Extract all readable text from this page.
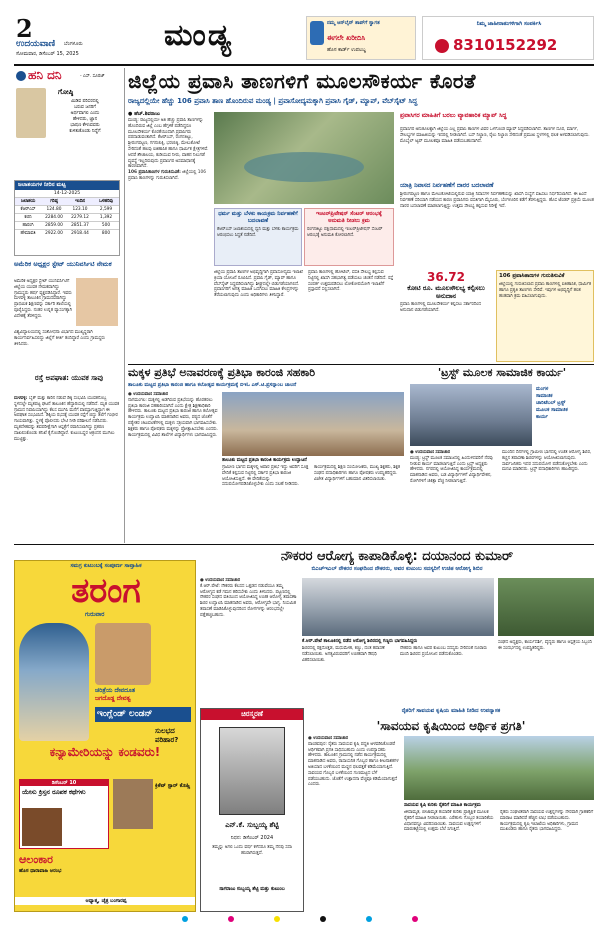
2
ಉದಯವಾಣಿ ಬೆಂಗಳೂರು
ಸೋಮವಾರ, ಡಿಸೆಂಬರ್ 15, 2025
ಮಂಡ್ಯ	ನಮ್ಮ ಆನ್‌ಲೈನ್ ಶಾಪ್‌ಗೆ ಸ್ವಾಗತ
ಈಗಲೇ ಖರೀದಿಸಿ
ಹೊಸ ಕಾರ್ಡ್ ಉಪಲಬ್ಧ
ನಿಮ್ಮ ಜಾಹೀರಾತುಗಳಿಗಾಗಿ ಸಂಪರ್ಕಿಸಿ
8310152292
ಹನಿ ದನಿ	- ಎಸ್. ಸೂರಜ್
ಗೋಷ್ಠಿ
ಮಿಡಿವ ಪರಿಸರದಲ್ಲಿ
ಬರುವ ಜನರಿಗೆ
ಅರ್ಥವಾಗಲಿ ಎಂದು
ಹೇಳಿದರು, ಜ್ಞಾನ
ಭಾಷಣ ಕೇಳುವವರು
ಕುಳಿತುಕೊಂಡು ನಿದ್ದೆಗೆ
ಜಲಾಶಯಗಳ ನೀರಿನ ಮಟ್ಟ
14-12-2025
ಜಲಾಶಯ	ಗರಿಷ್ಠ	ಇಂದಿನ	ಒಳಹರಿವು
ಕೆಆರ್‌ಎಸ್	124.80	123.10	2,599
ಕಬಿನಿ	2284.00	2279.12	1,392
ಹಾರಂಗಿ	2859.00	2851.37	500
ಹೇಮಾವತಿ	2922.00	2918.44	800
ಅಮೆರಿಕ ಅಧ್ಯಕ್ಷರ ಸ್ಟೇಟ್ ಯುನಿವರ್ಸಿಟಿ ನೇಮಕ
ಅಮೆರಿಕ ಅಧ್ಯಕ್ಷರ ಸ್ಟೇಟ್ ಯುನಿವರ್ಸಿಟಿಗೆ ಜಿಲ್ಲೆಯ ಯುವಕ ನೇಮಕವಾಗಿದ್ದು ಗ್ರಾಮಸ್ಥರು ಹರ್ಷ ವ್ಯಕ್ತಪಡಿಸಿದ್ದಾರೆ. ಇವರು ಮಳವಳ್ಳಿ ತಾಲೂಕಿನ ಗ್ರಾಮದವರಾಗಿದ್ದು ಪ್ರಾಥಮಿಕ ಶಿಕ್ಷಣವನ್ನು ಸರ್ಕಾರಿ ಶಾಲೆಯಲ್ಲಿ ಪೂರೈಸಿದ್ದರು. ನಂತರ ಉನ್ನತ ವ್ಯಾಸಂಗಕ್ಕಾಗಿ ವಿದೇಶಕ್ಕೆ ತೆರಳಿದ್ದರು.
ವಿಶ್ವವಿದ್ಯಾಲಯದಲ್ಲಿ ಸಂಶೋಧನಾ ವಿಭಾಗದ ಮುಖ್ಯಸ್ಥರಾಗಿ ಕಾರ್ಯನಿರ್ವಹಿಸಲಿದ್ದು ಜಿಲ್ಲೆಗೆ ಕೀರ್ತಿ ತಂದಿದ್ದಾರೆ ಎಂದು ಗ್ರಾಮಸ್ಥರು ತಿಳಿಸಿದರು.
ರಸ್ತೆ ಅಪಘಾತ: ಯುವಕ ಸಾವು
ಮಳವಳ್ಳಿ: ಬೈಕ್ ಮತ್ತು ಕಾರಿನ ನಡುವೆ ಡಿಕ್ಕಿ ಸಂಭವಿಸಿ ಯುವಕನೊಬ್ಬ ಸ್ಥಳದಲ್ಲೇ ಮೃತಪಟ್ಟ ಘಟನೆ ತಾಲೂಕಿನ ಹೆದ್ದಾರಿಯಲ್ಲಿ ನಡೆದಿದೆ. ಮೃತ ಯುವಕ ಗ್ರಾಮದ ನಿವಾಸಿಯಾಗಿದ್ದು ಕೆಲಸ ಮುಗಿಸಿ ಮನೆಗೆ ವಾಪಸ್ಸಾಗುತ್ತಿದ್ದಾಗ ಈ ಅಪಘಾತ ಸಂಭವಿಸಿದೆ. ಡಿಕ್ಕಿಯ ರಭಸಕ್ಕೆ ಯುವಕ ರಸ್ತೆಗೆ ಬಿದ್ದು ತಲೆಗೆ ಗಂಭೀರ ಗಾಯವಾಗಿತ್ತು. ಸ್ಥಳಕ್ಕೆ ಪೊಲೀಸರು ಭೇಟಿ ನೀಡಿ ಪರಿಶೀಲನೆ ನಡೆಸಿದರು. ಮೃತದೇಹವನ್ನು ಶವಪರೀಕ್ಷೆಗಾಗಿ ಆಸ್ಪತ್ರೆಗೆ ರವಾನಿಸಲಾಗಿದ್ದು ಪ್ರಕರಣ ದಾಖಲಿಸಿಕೊಂಡು ತನಿಖೆ ಕೈಗೊಂಡಿದ್ದಾರೆ. ಕುಟುಂಬಸ್ಥರ ಆಕ್ರಂದನ ಮುಗಿಲು ಮುಟ್ಟಿತ್ತು.
ಜಿಲ್ಲೆಯ ಪ್ರವಾಸಿ ತಾಣಗಳಿಗೆ ಮೂಲಸೌಕರ್ಯ ಕೊರತೆ
ರಾಜ್ಯದಲ್ಲಿಯೇ ಹೆಚ್ಚು 106 ಪ್ರವಾಸಿ ತಾಣ ಹೊಂದಿರುವ ಮಂಡ್ಯ | ಪ್ರವಾಸೋದ್ಯಮಕ್ಕಾಗಿ ಪ್ರವಾಸಿ ಗೈಡ್, ಮ್ಯಾಪ್, ವೆಬ್‌ಸೈಟ್ ಸಿದ್ಧ
● ಹೆಚ್.ಶಿವರಾಜು
ಮಂಡ್ಯ: ರಾಜ್ಯದಲ್ಲಿಯೇ ಅತಿ ಹೆಚ್ಚು ಪ್ರವಾಸಿ ತಾಣಗಳನ್ನು ಹೊಂದಿರುವ ಜಿಲ್ಲೆ ಎಂಬ ಹೆಗ್ಗಳಿಕೆ ಪಡೆದಿದ್ದರೂ ಮೂಲಸೌಕರ್ಯ ಕೊರತೆಯಿಂದಾಗಿ ಪ್ರವಾಸಿಗರು ಪರದಾಡುವಂತಾಗಿದೆ. ಕೆಆರ್‌ಎಸ್, ರಂಗನತಿಟ್ಟು, ಶ್ರೀರಂಗಪಟ್ಟಣ, ಗಗನಚುಕ್ಕಿ, ಭರಚುಕ್ಕಿ, ಮೇಲುಕೋಟೆ ಸೇರಿದಂತೆ ಹಲವು ಐತಿಹಾಸಿಕ ಹಾಗೂ ಧಾರ್ಮಿಕ ಕ್ಷೇತ್ರಗಳಿವೆ. ಆದರೆ ಶೌಚಾಲಯ, ಕುಡಿಯುವ ನೀರು, ವಾಹನ ನಿಲುಗಡೆ ವ್ಯವಸ್ಥೆ ಇಲ್ಲದಿರುವುದು ಪ್ರವಾಸಿಗರ ಅಸಮಾಧಾನಕ್ಕೆ ಕಾರಣವಾಗಿದೆ.
106 ಪ್ರವಾಸಿತಾಣಗಳ ಗುರುತಿಸುವಿಕೆ: ಜಿಲ್ಲೆಯಲ್ಲಿ 106 ಪ್ರವಾಸಿ ತಾಣಗಳನ್ನು ಗುರುತಿಸಲಾಗಿದೆ.
ಧರ್ಮ ಮತ್ತು ಬೆಳಕು ಕಾಯಕ್ರಮ ನಿರ್ವಹಣೆಗೆ ಬದಲಾವಣೆ
ಕೆಆರ್‌ಎಸ್ ಜಲಾಶಯದಲ್ಲಿ ಧ್ವನಿ ಮತ್ತು ಬೆಳಕು ಕಾರ್ಯಕ್ರಮ ಆರಂಭಿಸಲು ಸಿದ್ಧತೆ ನಡೆದಿದೆ.
ಇಂಟರ್‌ಪ್ರಿಟೇಷನ್ ಸೆಂಟರ್ ಆರಂಭಕ್ಕೆ ಅನುಮತಿ ನೀಡಲು ಕ್ರಮ
ರಂಗನತಿಟ್ಟು ಪಕ್ಷಿಧಾಮದಲ್ಲಿ ಇಂಟರ್‌ಪ್ರಿಟೇಷನ್ ಸೆಂಟರ್ ಆರಂಭಕ್ಕೆ ಅನುಮತಿ ಕೋರಲಾಗಿದೆ.
ಜಿಲ್ಲೆಯ ಪ್ರವಾಸಿ ತಾಣಗಳ ಅಭಿವೃದ್ಧಿಗಾಗಿ ಪ್ರವಾಸೋದ್ಯಮ ಇಲಾಖೆ ಕ್ರಿಯಾ ಯೋಜನೆ ರೂಪಿಸಿದೆ. ಪ್ರವಾಸಿ ಗೈಡ್, ಮ್ಯಾಪ್ ಹಾಗೂ ವೆಬ್‌ಸೈಟ್ ಸಿದ್ಧಪಡಿಸಲಾಗಿದ್ದು ಶೀಘ್ರದಲ್ಲೇ ಬಿಡುಗಡೆಯಾಗಲಿದೆ. ಪ್ರವಾಸಿಗರಿಗೆ ಅಗತ್ಯ ಮಾಹಿತಿ ಒದಗಿಸಲು ಮಾಹಿತಿ ಕೇಂದ್ರಗಳನ್ನು ತೆರೆಯಲಾಗುವುದು ಎಂದು ಅಧಿಕಾರಿಗಳು ತಿಳಿಸಿದ್ದಾರೆ.
ಪ್ರವಾಸಿ ತಾಣಗಳಲ್ಲಿ ಹೋಟೆಲ್, ವಸತಿ ಸೌಲಭ್ಯ ಕಲ್ಪಿಸುವ ನಿಟ್ಟಿನಲ್ಲಿ ಖಾಸಗಿ ಸಹಭಾಗಿತ್ವ ಪಡೆಯಲು ಚಿಂತನೆ ನಡೆದಿದೆ. ರಸ್ತೆ ಸಂಪರ್ಕ ಉತ್ತಮಪಡಿಸಲು ಲೋಕೋಪಯೋಗಿ ಇಲಾಖೆಗೆ ಪ್ರಸ್ತಾವನೆ ಸಲ್ಲಿಸಲಾಗಿದೆ.
ಪ್ರವಾಸಿಗರ ಮಾಹಿತಿಗೆ ಬರಲು ವ್ಯಾವಹಾರಿಕ ಮ್ಯಾಪ್ ಸಿದ್ಧ
ಪ್ರವಾಸಿಗರ ಅನುಕೂಲಕ್ಕಾಗಿ ಜಿಲ್ಲೆಯ ಎಲ್ಲ ಪ್ರವಾಸಿ ತಾಣಗಳ ವಿವರ ಒಳಗೊಂಡ ಮ್ಯಾಪ್ ಸಿದ್ಧಪಡಿಸಲಾಗಿದೆ. ತಾಣಗಳ ದೂರ, ಮಾರ್ಗ, ಸೌಲಭ್ಯಗಳ ಮಾಹಿತಿಯನ್ನು ಇದರಲ್ಲಿ ನೀಡಲಾಗಿದೆ. ಬಸ್ ನಿಲ್ದಾಣ, ರೈಲು ನಿಲ್ದಾಣ ಸೇರಿದಂತೆ ಪ್ರಮುಖ ಸ್ಥಳಗಳಲ್ಲಿ ಫಲಕ ಅಳವಡಿಸಲಾಗುವುದು. ಮೊಬೈಲ್ ಆ್ಯಪ್ ಮೂಲಕವೂ ಮಾಹಿತಿ ಪಡೆಯಬಹುದಾಗಿದೆ.
ಯಾತ್ರಿ ನಿವಾಸದ ನಿರ್ವಹಣೆಗೆ ದಾರರ ಬದಲಾವಣೆ
ಶ್ರೀರಂಗಪಟ್ಟಣ ಹಾಗೂ ಮೇಲುಕೋಟೆಯಲ್ಲಿರುವ ಯಾತ್ರಿ ನಿವಾಸಗಳ ನಿರ್ವಹಣೆಯನ್ನು ಖಾಸಗಿ ಸಂಸ್ಥೆಗೆ ವಹಿಸಲು ನಿರ್ಧರಿಸಲಾಗಿದೆ. ಈ ಹಿಂದೆ ನಿರ್ವಹಣೆ ಸರಿಯಾಗಿ ನಡೆಯದ ಕಾರಣ ಪ್ರವಾಸಿಗರು ವಸತಿಗಾಗಿ ಮೈಸೂರು, ಬೆಂಗಳೂರಿನ ಕಡೆಗೆ ತೆರಳುತ್ತಿದ್ದರು. ಹೊಸ ಟೆಂಡರ್ ಪ್ರಕ್ರಿಯೆ ಮೂಲಕ ದಾರರ ಬದಲಾವಣೆ ಮಾಡಲಾಗುತ್ತಿದ್ದು ಉತ್ತಮ ಸೌಲಭ್ಯ ಕಲ್ಪಿಸುವ ನಿರೀಕ್ಷೆ ಇದೆ.
36.72
ಕೋಟಿ ರೂ. ಮೂಲಸೌಲಭ್ಯ ಕಲ್ಪಿಸಲು ಅನುದಾನ
ಪ್ರವಾಸಿ ತಾಣಗಳಲ್ಲಿ ಮೂಲಸೌಕರ್ಯ ಕಲ್ಪಿಸಲು ಸರ್ಕಾರದಿಂದ ಅನುದಾನ ಬಿಡುಗಡೆಯಾಗಿದೆ.
106 ಪ್ರವಾಸಿತಾಣಗಳ ಗುರುತಿಸುವಿಕೆ
ಜಿಲ್ಲೆಯಲ್ಲಿ ಗುರುತಿಸಲಾದ ಪ್ರವಾಸಿ ತಾಣಗಳಲ್ಲಿ ಐತಿಹಾಸಿಕ, ಧಾರ್ಮಿಕ ಹಾಗೂ ಪ್ರಕೃತಿ ತಾಣಗಳು ಸೇರಿವೆ. ಇವುಗಳ ಅಭಿವೃದ್ಧಿಗೆ ಹಂತ ಹಂತವಾಗಿ ಕ್ರಮ ವಹಿಸಲಾಗುವುದು.
ಮಕ್ಕಳ ಪ್ರತಿಭೆ ಅನಾವರಣಕ್ಕೆ ಪ್ರತಿಭಾ ಕಾರಂಜಿ ಸಹಕಾರಿ
ತಾಲೂಕು ಮಟ್ಟದ ಪ್ರತಿಭಾ ಕಾರಂಜಿ ಹಾಗೂ ಕಲೋತ್ಸವ ಕಾರ್ಯಕ್ರಮಕ್ಕೆ ಬಿಇಓ ಎಸ್.ಟಿ.ಪ್ರಸನ್ನಾಂಬ ಚಾಲನೆ
● ಉದಯವಾಣಿ ಸಮಾಚಾರ
ನಾಗಮಂಗಲ: ಮಕ್ಕಳಲ್ಲಿ ಅಡಗಿರುವ ಪ್ರತಿಭೆಯನ್ನು ಹೊರತರಲು ಪ್ರತಿಭಾ ಕಾರಂಜಿ ಸಹಕಾರಿಯಾಗಿದೆ ಎಂದು ಕ್ಷೇತ್ರ ಶಿಕ್ಷಣಾಧಿಕಾರಿ ಹೇಳಿದರು. ತಾಲೂಕು ಮಟ್ಟದ ಪ್ರತಿಭಾ ಕಾರಂಜಿ ಹಾಗೂ ಕಲೋತ್ಸವ ಕಾರ್ಯಕ್ರಮ ಉದ್ಘಾಟಿಸಿ ಮಾತನಾಡಿದ ಅವರು, ಪಠ್ಯದ ಜೊತೆಗೆ ಪಠ್ಯೇತರ ಚಟುವಟಿಕೆಗಳಲ್ಲಿ ಮಕ್ಕಳು ಸಕ್ರಿಯವಾಗಿ ಭಾಗವಹಿಸಬೇಕು. ಶಿಕ್ಷಕರು ಹಾಗೂ ಪೋಷಕರು ಮಕ್ಕಳನ್ನು ಪ್ರೋತ್ಸಾಹಿಸಬೇಕು ಎಂದರು. ಕಾರ್ಯಕ್ರಮದಲ್ಲಿ ವಿವಿಧ ಶಾಲೆಗಳ ವಿದ್ಯಾರ್ಥಿಗಳು ಭಾಗವಹಿಸಿದ್ದರು.
ತಾಲೂಕು ಮಟ್ಟದ ಪ್ರತಿಭಾ ಕಾರಂಜಿ ಕಾರ್ಯಕ್ರಮ ಉದ್ಘಾಟನೆ
ಗ್ರಾಮೀಣ ಭಾಗದ ಮಕ್ಕಳಲ್ಲಿ ಅಪಾರ ಪ್ರತಿಭೆ ಇದ್ದು ಅವರಿಗೆ ಸೂಕ್ತ ವೇದಿಕೆ ಕಲ್ಪಿಸುವ ನಿಟ್ಟಿನಲ್ಲಿ ಸರ್ಕಾರ ಪ್ರತಿಭಾ ಕಾರಂಜಿ ಆಯೋಜಿಸುತ್ತಿದೆ. ಈ ವೇದಿಕೆಯನ್ನು ಸದುಪಯೋಗಪಡಿಸಿಕೊಳ್ಳಬೇಕು ಎಂದು ಸಲಹೆ ನೀಡಿದರು.
ಕಾರ್ಯಕ್ರಮದಲ್ಲಿ ಶಿಕ್ಷಣ ಸಂಯೋಜಕರು, ಮುಖ್ಯ ಶಿಕ್ಷಕರು, ಶಿಕ್ಷಕ ಸಂಘದ ಪದಾಧಿಕಾರಿಗಳು ಹಾಗೂ ಪೋಷಕರು ಉಪಸ್ಥಿತರಿದ್ದರು. ವಿಜೇತ ವಿದ್ಯಾರ್ಥಿಗಳಿಗೆ ಬಹುಮಾನ ವಿತರಿಸಲಾಯಿತು.
'ಟ್ರಸ್ಟ್ ಮೂಲಕ ಸಾಮಾಜಿಕ ಕಾರ್ಯ'
ಮಂಗಳ
ಸಾಮಾಜಿಕ
ಚಾರಿಟೆಬಲ್ ಟ್ರಸ್ಟ್
ಮೂಲಕ ಸಾಮಾಜಿಕ
ಕಾರ್ಯ
● ಉದಯವಾಣಿ ಸಮಾಚಾರ
ಮಂಡ್ಯ: ಟ್ರಸ್ಟ್ ಮೂಲಕ ಸಮಾಜದಲ್ಲಿ ಹಿಂದುಳಿದವರಿಗೆ ನೆರವು ನೀಡುವ ಕಾರ್ಯ ಮಾಡಲಾಗುತ್ತಿದೆ ಎಂದು ಟ್ರಸ್ಟ್ ಅಧ್ಯಕ್ಷರು ಹೇಳಿದರು. ನಗರದಲ್ಲಿ ಆಯೋಜಿಸಿದ್ದ ಕಾರ್ಯಕ್ರಮದಲ್ಲಿ ಮಾತನಾಡಿದ ಅವರು, ಬಡ ವಿದ್ಯಾರ್ಥಿಗಳಿಗೆ ವಿದ್ಯಾರ್ಥಿವೇತನ, ರೋಗಿಗಳಿಗೆ ಚಿಕಿತ್ಸಾ ವೆಚ್ಚ ನೀಡಲಾಗುತ್ತಿದೆ.
ಮುಂದಿನ ದಿನಗಳಲ್ಲಿ ಗ್ರಾಮೀಣ ಭಾಗದಲ್ಲಿ ಉಚಿತ ಆರೋಗ್ಯ ಶಿಬಿರ, ಕಣ್ಣಿನ ತಪಾಸಣಾ ಶಿಬಿರಗಳನ್ನು ಆಯೋಜಿಸಲಾಗುವುದು. ಸಾರ್ವಜನಿಕರು ಇದರ ಸದುಪಯೋಗ ಪಡೆದುಕೊಳ್ಳಬೇಕು ಎಂದು ಮನವಿ ಮಾಡಿದರು. ಟ್ರಸ್ಟ್ ಪದಾಧಿಕಾರಿಗಳು ಹಾಜರಿದ್ದರು.
ಸಮಗ್ರ ಕುಟುಂಬಕ್ಕೆ ಸಂಪೂರ್ಣ ಸಾಪ್ತಾಹಿಕ
ತರಂಗ
ಗುರುವಾರ
ಚರಿತ್ರೆಯ ದೇವದೂತ
ಜಗದೊಡ್ಡ ದೇವತ್ವ
ಇಂಗ್ಲೆಂಡ್ ಲಂಡನ್
ಸುಲಭದ ಪರಿಹಾರ?
ಕನ್ಯಾಮೇರಿಯನ್ನು ಕಂಡವರು!
ಡಿಸೆಂಬರ್ 10
ಯೇಸು ಕ್ರಿಸ್ತನ ರೂಪಕ ಕಥೆಗಳು
ಕ್ರಿಕೆಟ್ ಸ್ಟಾರ್ ಕೊಹ್ಲಿ
ಆಲಂಕಾರ
ಹೊಸ ಧಾರಾವಾಹಿ ಆರಂಭ
ಅಧ್ಯಾತ್ಮ, ಚೈತ್ರ ಬಂಗಾರಪ್ಪ
ನೌಕರರ ಆರೋಗ್ಯ ಕಾಪಾಡಿಕೊಳ್ಳಿ: ದಯಾನಂದ ಕುಮಾರ್
ಬಿಎಚ್‌ಇಎಲ್ ನೌಕರರ ಸಂಘದಿಂದ ನೌಕರರು, ಅವರ ಕುಟುಂಬ ಸದಸ್ಯರಿಗೆ ಉಚಿತ ಆರೋಗ್ಯ ಶಿಬಿರ
● ಉದಯವಾಣಿ ಸಮಾಚಾರ
ಕೆ.ಆರ್.ಪೇಟೆ: ನೌಕರರು ಕೆಲಸದ ಒತ್ತಡದ ನಡುವೆಯೂ ತಮ್ಮ ಆರೋಗ್ಯದ ಕಡೆ ಗಮನ ಹರಿಸಬೇಕು ಎಂದು ತಿಳಿಸಿದರು. ಪಟ್ಟಣದಲ್ಲಿ ನೌಕರರ ಸಂಘದ ವತಿಯಿಂದ ಆಯೋಜಿಸಿದ್ದ ಉಚಿತ ಆರೋಗ್ಯ ತಪಾಸಣಾ ಶಿಬಿರ ಉದ್ಘಾಟಿಸಿ ಮಾತನಾಡಿದ ಅವರು, ಆರೋಗ್ಯವೇ ಭಾಗ್ಯ. ನಿಯಮಿತ ತಪಾಸಣೆ ಮಾಡಿಸಿಕೊಳ್ಳುವುದರಿಂದ ರೋಗಗಳನ್ನು ಆರಂಭದಲ್ಲೇ ಪತ್ತೆಹಚ್ಚಬಹುದು.
ಕೆ.ಆರ್.ಪೇಟೆ ತಾಲೂಕಿನಲ್ಲಿ ನಡೆದ ಆರೋಗ್ಯ ಶಿಬಿರದಲ್ಲಿ ಗಣ್ಯರು ಭಾಗವಹಿಸಿದ್ದರು
ಶಿಬಿರದಲ್ಲಿ ರಕ್ತದೊತ್ತಡ, ಮಧುಮೇಹ, ಕಣ್ಣು, ದಂತ ತಪಾಸಣೆ ನಡೆಸಲಾಯಿತು. ಅಗತ್ಯವಿರುವವರಿಗೆ ಉಚಿತವಾಗಿ ಔಷಧಿ ವಿತರಿಸಲಾಯಿತು.
ನೌಕರರು ಹಾಗೂ ಅವರ ಕುಟುಂಬ ಸದಸ್ಯರು ಸೇರಿದಂತೆ ನೂರಾರು ಮಂದಿ ಶಿಬಿರದ ಪ್ರಯೋಜನ ಪಡೆದುಕೊಂಡರು.
ಸಂಘದ ಅಧ್ಯಕ್ಷರು, ಕಾರ್ಯದರ್ಶಿ, ವೈದ್ಯರು ಹಾಗೂ ಆಸ್ಪತ್ರೆಯ ಸಿಬ್ಬಂದಿ ಈ ಸಂದರ್ಭದಲ್ಲಿ ಉಪಸ್ಥಿತರಿದ್ದರು.
ಚಿರಸ್ಮರಣೆ
ಎನ್.ಕೆ. ಸುಬ್ಬಯ್ಯ ಶೆಟ್ಟಿ
ನಿಧನ: ಡಿಸೆಂಬರ್ 2024
ತಮ್ಮನ್ನು ಅಗಲಿ ಒಂದು ವರ್ಷ ಕಳೆದರೂ ತಮ್ಮ ನೆನಪು ಸದಾ ಹಸಿರಾಗಿರುತ್ತದೆ.
ನಾಗರಾಜು ಸುಬ್ಬಯ್ಯ ಶೆಟ್ಟಿ ಮತ್ತು ಕುಟುಂಬ
ರೈತರಿಗೆ ಸಾವಯವ ಕೃಷಿಯ ಮಾಹಿತಿ ನೀಡಿದ ಉಪನ್ಯಾಸಕ
'ಸಾವಯವ ಕೃಷಿಯಿಂದ ಆರ್ಥಿಕ ಪ್ರಗತಿ'
● ಉದಯವಾಣಿ ಸಮಾಚಾರ
ಪಾಂಡವಪುರ: ರೈತರು ಸಾವಯವ ಕೃಷಿ ಪದ್ಧತಿ ಅಳವಡಿಸಿಕೊಂಡರೆ ಆರ್ಥಿಕವಾಗಿ ಪ್ರಗತಿ ಸಾಧಿಸಬಹುದು ಎಂದು ಉಪನ್ಯಾಸಕರು ಹೇಳಿದರು. ತಾಲೂಕಿನ ಗ್ರಾಮದಲ್ಲಿ ನಡೆದ ಕಾರ್ಯಕ್ರಮದಲ್ಲಿ ಮಾತನಾಡಿದ ಅವರು, ರಾಸಾಯನಿಕ ಗೊಬ್ಬರ ಹಾಗೂ ಕೀಟನಾಶಕಗಳ ಅತಿಯಾದ ಬಳಕೆಯಿಂದ ಮಣ್ಣಿನ ಫಲವತ್ತತೆ ಕಡಿಮೆಯಾಗುತ್ತಿದೆ. ಸಾವಯವ ಗೊಬ್ಬರ ಬಳಕೆಯಿಂದ ಗುಣಮಟ್ಟದ ಬೆಳೆ ಪಡೆಯಬಹುದು. ಜೊತೆಗೆ ಉತ್ಪಾದನಾ ವೆಚ್ಚವೂ ಕಡಿಮೆಯಾಗುತ್ತದೆ ಎಂದರು.
ಸಾವಯವ ಕೃಷಿ ಕುರಿತು ರೈತರಿಗೆ ಮಾಹಿತಿ ಕಾರ್ಯಕ್ರಮ
ಜೀವಾಮೃತ, ಬೀಜಾಮೃತ ತಯಾರಿಕೆ ಕುರಿತು ಪ್ರಾತ್ಯಕ್ಷಿಕೆ ಮೂಲಕ ರೈತರಿಗೆ ಮಾಹಿತಿ ನೀಡಲಾಯಿತು. ಎರೆಹುಳು ಗೊಬ್ಬರ ತಯಾರಿಕೆಯ ವಿಧಾನವನ್ನೂ ವಿವರಿಸಲಾಯಿತು. ಸಾವಯವ ಉತ್ಪನ್ನಗಳಿಗೆ ಮಾರುಕಟ್ಟೆಯಲ್ಲಿ ಉತ್ತಮ ಬೆಲೆ ಸಿಗುತ್ತಿದೆ.
ರೈತರು ಸಂಘಟಿತರಾಗಿ ಸಾವಯವ ಉತ್ಪನ್ನಗಳನ್ನು ನೇರವಾಗಿ ಗ್ರಾಹಕರಿಗೆ ಮಾರಾಟ ಮಾಡಿದರೆ ಹೆಚ್ಚಿನ ಲಾಭ ಪಡೆಯಬಹುದು. ಕಾರ್ಯಕ್ರಮದಲ್ಲಿ ಕೃಷಿ ಇಲಾಖೆಯ ಅಧಿಕಾರಿಗಳು, ಗ್ರಾಮದ ಮುಖಂಡರು ಹಾಗೂ ರೈತರು ಭಾಗವಹಿಸಿದ್ದರು.
